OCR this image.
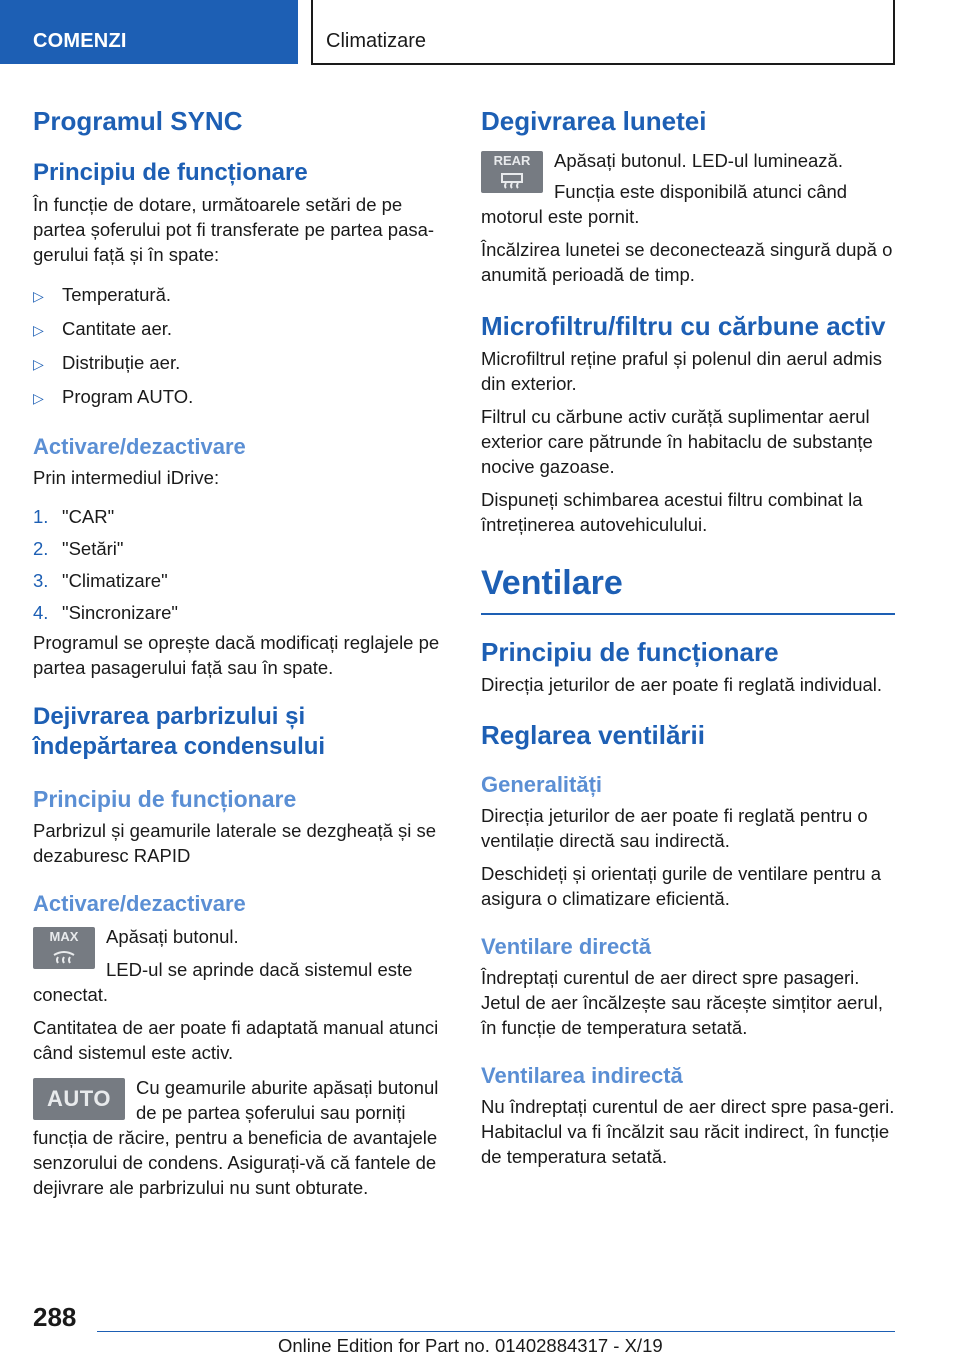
COMENZI	Climatizare
Programul SYNC
Principiu de funcționare
În funcție de dotare, următoarele setări de pe partea șoferului pot fi transferate pe partea pasa-gerului față și în spate:
▷ Temperatură.
▷ Cantitate aer.
▷ Distribuție aer.
▷ Program AUTO.
Activare/dezactivare
Prin intermediul iDrive:
1. "CAR"
2. "Setări"
3. "Climatizare"
4. "Sincronizare"
Programul se oprește dacă modificați reglajele pe partea pasagerului față sau în spate.
Dejivrarea parbrizului și îndepărtarea condensului
Principiu de funcționare
Parbrizul și geamurile laterale se dezgheață și se dezaburesc RAPID
Activare/dezactivare
MAX	Apăsați butonul.
LED-ul se aprinde dacă sistemul este conectat.
Cantitatea de aer poate fi adaptată manual atunci când sistemul este activ.
AUTO	Cu geamurile aburite apăsați butonul de pe partea șoferului sau porniți funcția de răcire, pentru a beneficia de avantajele senzorului de condens. Asigurați-vă că fantele de dejivrare ale parbrizului nu sunt obturate.
Degivrarea lunetei
REAR	Apăsați butonul. LED-ul luminează.
Funcția este disponibilă atunci când motorul este pornit.
Încălzirea lunetei se deconectează singură după o anumită perioadă de timp.
Microfiltru/filtru cu cărbune activ
Microfiltrul reține praful și polenul din aerul admis din exterior.
Filtrul cu cărbune activ curăță suplimentar aerul exterior care pătrunde în habitaclu de substanțe nocive gazoase.
Dispuneți schimbarea acestui filtru combinat la întreținerea autovehiculului.
Ventilare
Principiu de funcționare
Direcția jeturilor de aer poate fi reglată individual.
Reglarea ventilării
Generalități
Direcția jeturilor de aer poate fi reglată pentru o ventilație directă sau indirectă.
Deschideți și orientați gurile de ventilare pentru a asigura o climatizare eficientă.
Ventilare directă
Îndreptați curentul de aer direct spre pasageri. Jetul de aer încălzește sau răcește simțitor aerul, în funcție de temperatura setată.
Ventilarea indirectă
Nu îndreptați curentul de aer direct spre pasa-geri. Habitaclul va fi încălzit sau răcit indirect, în funcție de temperatura setată.
288
Online Edition for Part no. 01402884317 - X/19
